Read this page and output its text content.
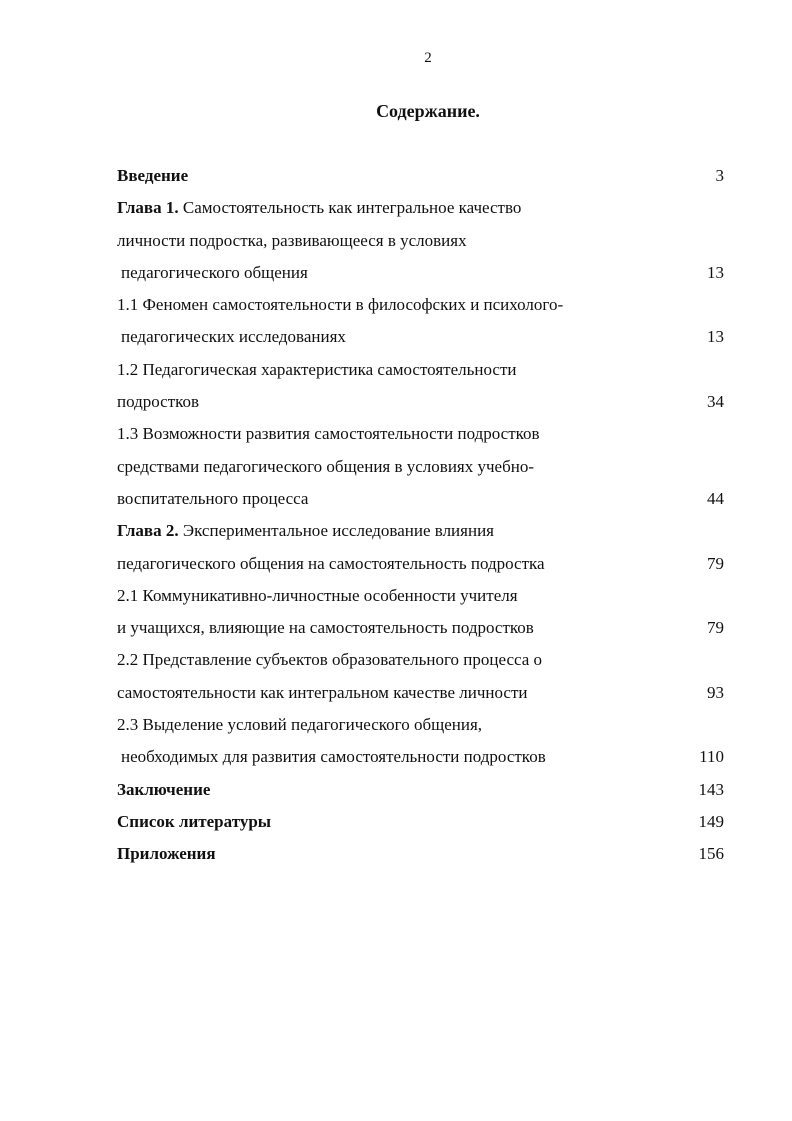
2
Содержание.
Введение	3
Глава 1. Самостоятельность как интегральное качество
личности подростка, развивающееся в условиях
педагогического общения	13
1.1 Феномен самостоятельности в философских и психолого-
педагогических исследованиях	13
1.2 Педагогическая характеристика самостоятельности
подростков	34
1.3 Возможности развития самостоятельности подростков
средствами педагогического общения в условиях учебно-
воспитательного процесса	44
Глава 2. Экспериментальное исследование влияния
педагогического общения на самостоятельность подростка	79
2.1 Коммуникативно-личностные особенности учителя
и учащихся, влияющие на самостоятельность подростков	79
2.2 Представление субъектов образовательного процесса о
самостоятельности как интегральном качестве личности	93
2.3 Выделение условий педагогического общения,
необходимых для развития самостоятельности подростков	110
Заключение	143
Список литературы	149
Приложения	156
